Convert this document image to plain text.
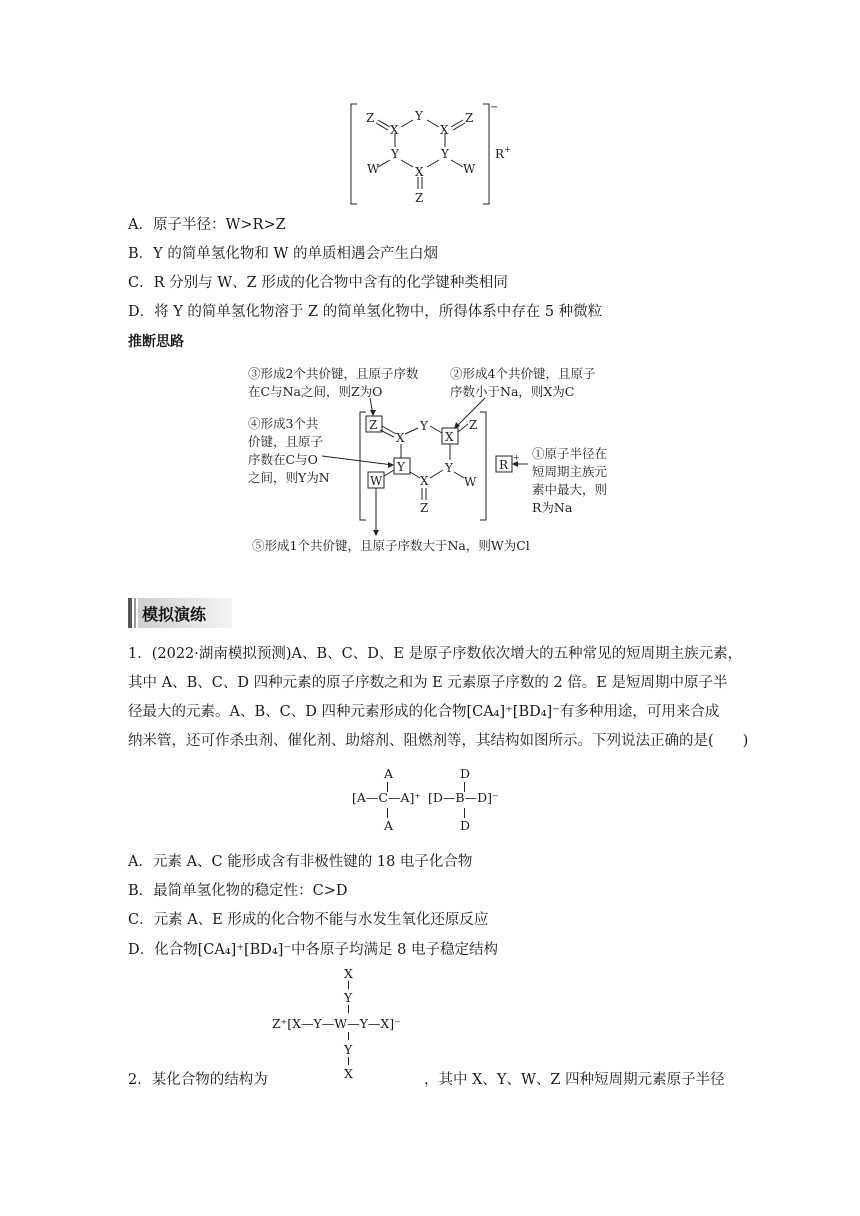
Z	Y	Z
X	X
W
Y	Y
W
X
Z
−
R +
A．原子半径：W>R>Z
B．Y 的简单氢化物和 W 的单质相遇会产生白烟
C．R 分别与 W、Z 形成的化合物中含有的化学键种类相同
D．将 Y 的简单氢化物溶于 Z 的简单氢化物中，所得体系中存在 5 种微粒
推断思路
③形成2个共价键，且原子序数
在C与Na之间，则Z为O
②形成4个共价键，且原子
序数小于Na，则X为C
④形成3个共
价键，且原子
序数在C与O
之间，则Y为N
①原子半径在
短周期主族元
素中最大，则
R为Na
⑤形成1个共价键，且原子序数大于Na，则W为Cl
Z
X
Y
W
R
+
X
Y	Z
Y
W
X
Z
模拟演练
1．(2022·湖南模拟预测)A、B、C、D、E 是原子序数依次增大的五种常见的短周期主族元素，
其中 A、B、C、D 四种元素的原子序数之和为 E 元素原子序数的 2 倍。E 是短周期中原子半
径最大的元素。A、B、C、D 四种元素形成的化合物[CA₄]⁺[BD₄]⁻有多种用途，可用来合成
纳米管，还可作杀虫剂、催化剂、助熔剂、阻燃剂等，其结构如图所示。下列说法正确的是(　　)
A
[A—C—A]⁺
A
D
[D—B—D]⁻
D
A．元素 A、C 能形成含有非极性键的 18 电子化合物
B．最简单氢化物的稳定性：C>D
C．元素 A、E 形成的化合物不能与水发生氧化还原反应
D．化合物[CA₄]⁺[BD₄]⁻中各原子均满足 8 电子稳定结构
X
Y
Z⁺[X—Y—W—Y—X]⁻
Y
X
2．某化合物的结构为	，其中 X、Y、W、Z 四种短周期元素原子半径
